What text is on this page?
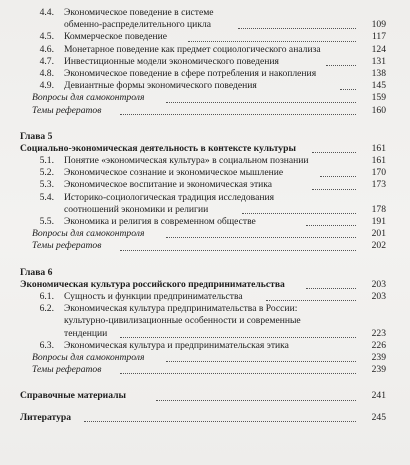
4.4. Экономическое поведение в системе
обменно-распределительного цикла	109
4.5. Коммерческое поведение	117
4.6. Монетарное поведение как предмет социологического анализа	124
4.7. Инвестиционные модели экономического поведения	131
4.8. Экономическое поведение в сфере потребления и накопления	138
4.9. Девиантные формы экономического поведения	145
Вопросы для самоконтроля	159
Темы рефератов	160
Глава 5
Социально-экономическая деятельность в контексте культуры	161
5.1. Понятие «экономическая культура» в социальном познании	161
5.2. Экономическое сознание и экономическое мышление	170
5.3. Экономическое воспитание и экономическая этика	173
5.4. Историко-социологическая традиция исследования
соотношений экономики и религии	178
5.5. Экономика и религия в современном обществе	191
Вопросы для самоконтроля	201
Темы рефератов	202
Глава 6
Экономическая культура российского предпринимательства	203
6.1. Сущность и функции предпринимательства	203
6.2. Экономическая культура предпринимательства в России:
культурно-цивилизационные особенности и современные
тенденции	223
6.3. Экономическая культура и предпринимательская этика	226
Вопросы для самоконтроля	239
Темы рефератов	239
Справочные материалы	241
Литература	245
